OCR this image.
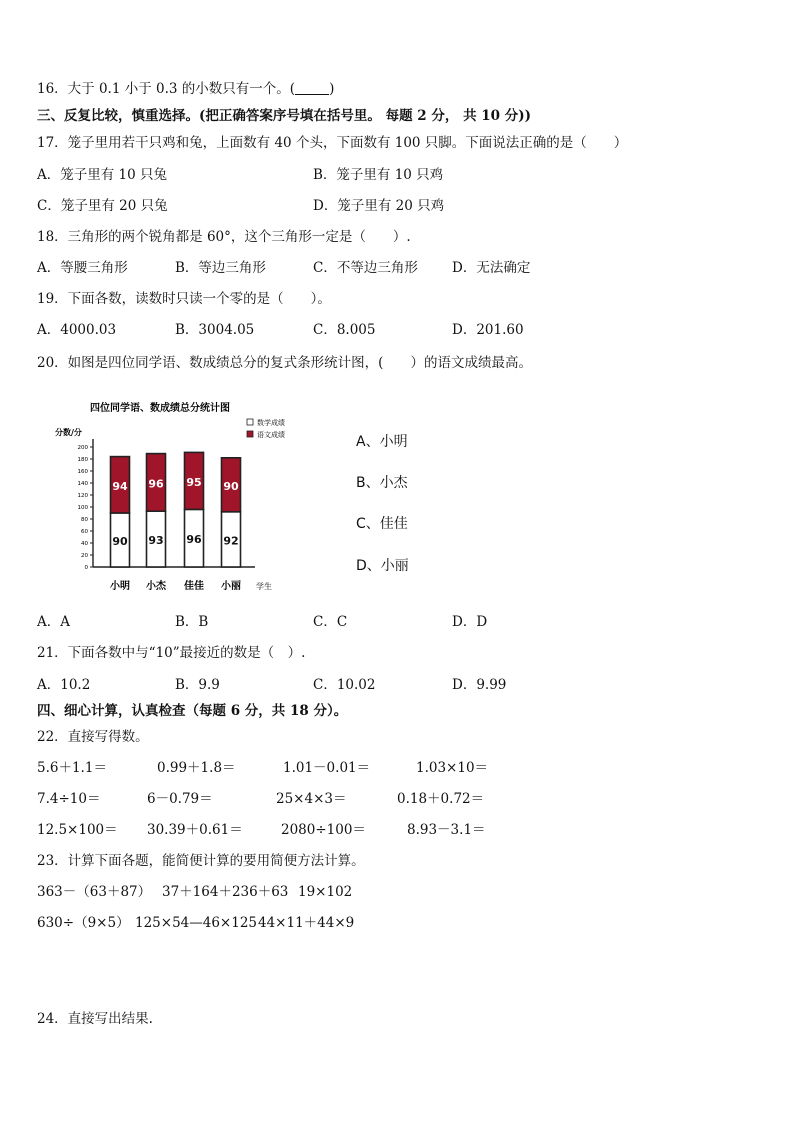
16．大于 0.1 小于 0.3 的小数只有一个。(	)
三、反复比较，慎重选择。(把正确答案序号填在括号里。 每题 2 分， 共 10 分))
17．笼子里用若干只鸡和兔，上面数有 40 个头，下面数有 100 只脚。下面说法正确的是（　　）
A．笼子里有 10 只兔	B．笼子里有 10 只鸡
C．笼子里有 20 只兔	D．笼子里有 20 只鸡
18．三角形的两个锐角都是 60°，这个三角形一定是（　　）.
A．等腰三角形	B．等边三角形	C．不等边三角形	D．无法确定
19．下面各数，读数时只读一个零的是（　　）。
A．4000.03	B．3004.05	C．8.005	D．201.60
20．如图是四位同学语、数成绩总分的复式条形统计图，(　　）的语文成绩最高。
四位同学语、数成绩总分统计图
分数/分
学生
数学成绩
语文成绩
0
20
40
60
80
100
120
140
160
180
200
小明 小杰 佳佳 小丽
90
94
93
96
96
95
92
90
A、小明
B、小杰
C、佳佳
D、小丽
A．A	B．B	C．C	D．D
21．下面各数中与“10”最接近的数是（　）.
A．10.2	B．9.9	C．10.02	D．9.99
四、细心计算，认真检查（每题 6 分，共 18 分）。
22．直接写得数。
5.6＋1.1＝	0.99＋1.8＝	1.01－0.01＝	1.03×10＝
7.4÷10＝	6－0.79＝	25×4×3＝	0.18＋0.72＝
12.5×100＝ 30.39＋0.61＝	2080÷100＝	8.93－3.1＝
23．计算下面各题，能简便计算的要用简便方法计算。
363－（63＋87） 37＋164＋236＋63 19×102
630÷（9×5） 125×54—46×125 44×11＋44×9
24．直接写出结果.
